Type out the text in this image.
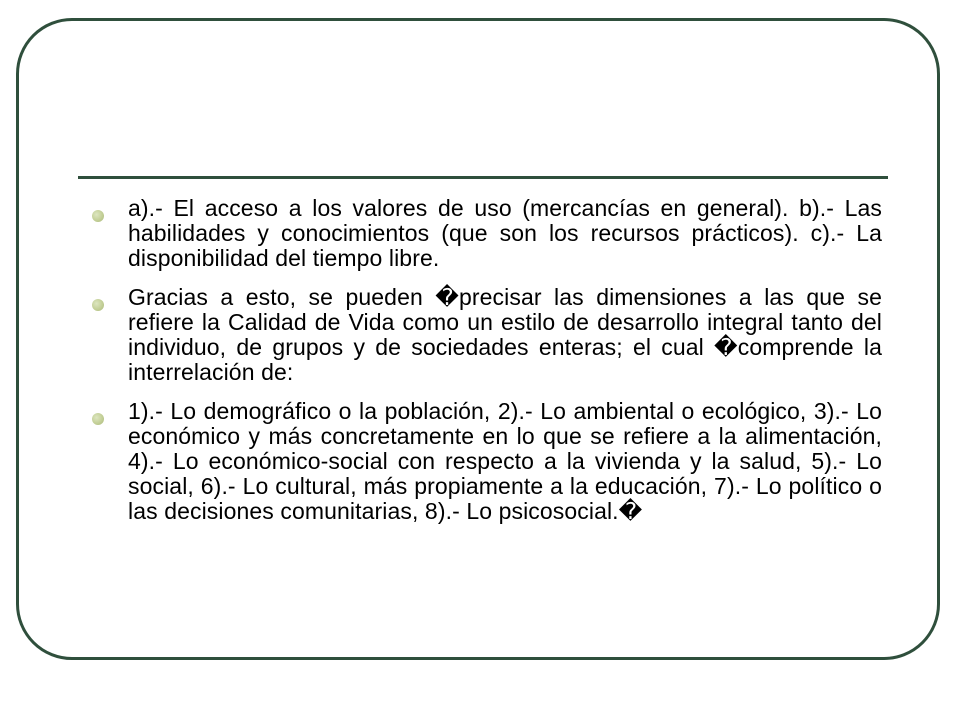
a).- El acceso a los valores de uso (mercancías en general). b).- Las habilidades y conocimientos (que son los recursos prácticos). c).- La disponibilidad del tiempo libre.
Gracias a esto, se pueden �precisar las dimensiones a las que se refiere la Calidad de Vida como un estilo de desarrollo integral tanto del individuo, de grupos y de sociedades enteras; el cual �comprende la interrelación de:
1).- Lo demográfico o la población, 2).- Lo ambiental o ecológico, 3).- Lo económico y más concretamente en lo que se refiere a la alimentación, 4).- Lo económico-social con respecto a la vivienda y la salud, 5).- Lo social, 6).- Lo cultural, más propiamente a la educación, 7).- Lo político o las decisiones comunitarias, 8).- Lo psicosocial.�
